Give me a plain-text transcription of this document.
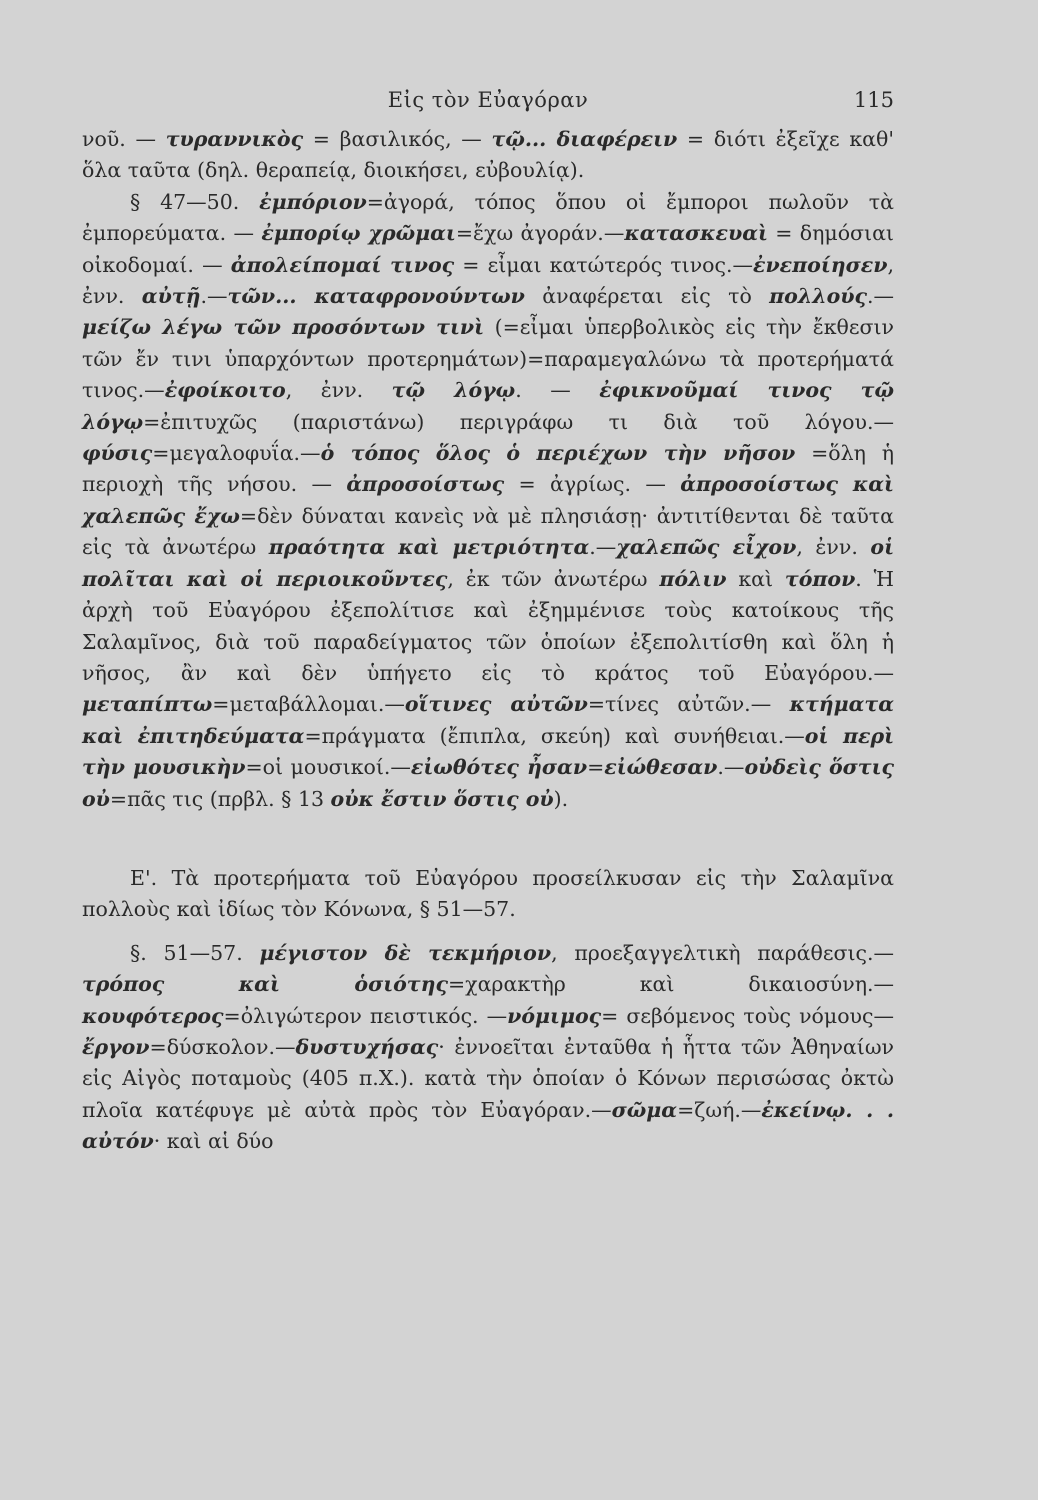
Εἰς τὸν Εὐαγόραν	115

νοῦ. — τυραννικὸς = βασιλικός, — τῷ... διαφέρειν = διότι ἐξεῖχε καθ' ὅλα ταῦτα (δηλ. θεραπείᾳ, διοικήσει, εὐβουλίᾳ).

§ 47—50. ἐμπόριον=ἀγορά, τόπος ὅπου οἱ ἔμποροι πωλοῦν τὰ ἐμπορεύματα. — ἐμπορίῳ χρῶμαι=ἔχω ἀγοράν.—κατασκευαὶ = δημόσιαι οἰκοδομαί. — ἀπολείπομαί τινος = εἶμαι κατώτερός τινος.—ἐνεποίησεν, ἐνν. αὐτῇ.—τῶν... καταφρονούντων ἀναφέρεται εἰς τὸ πολλούς.—μείζω λέγω τῶν προσόντων τινὶ (=εἶμαι ὑπερβολικὸς εἰς τὴν ἔκθεσιν τῶν ἔν τινι ὑπαρχόντων προτερημάτων)=παραμεγαλώνω τὰ προτερήματά τινος.—ἐφοίκοιτο, ἐνν. τῷ λόγῳ. — ἐφικνοῦμαί τινος τῷ λόγῳ=ἐπιτυχῶς (παριστάνω) περιγράφω τι διὰ τοῦ λόγου.— φύσις=μεγαλοφυΐα.—ὁ τόπος ὅλος ὁ περιέχων τὴν νῆσον =ὅλη ἡ περιοχὴ τῆς νήσου. — ἀπροσοίστως = ἀγρίως. — ἀπροσοίστως καὶ χαλεπῶς ἔχω=δὲν δύναται κανεὶς νὰ μὲ πλησιάσῃ· ἀντιτίθενται δὲ ταῦτα εἰς τὰ ἀνωτέρω πραότητα καὶ μετριότητα.—χαλεπῶς εἶχον, ἐνν. οἱ πολῖται καὶ οἱ περιοικοῦντες, ἐκ τῶν ἀνωτέρω πόλιν καὶ τόπον. Ἡ ἀρχὴ τοῦ Εὐαγόρου ἐξεπολίτισε καὶ ἐξημμένισε τοὺς κατοίκους τῆς Σαλαμῖνος, διὰ τοῦ παραδείγματος τῶν ὁποίων ἐξεπολιτίσθη καὶ ὅλη ἡ νῆσος, ἂν καὶ δὲν ὑπήγετο εἰς τὸ κράτος τοῦ Εὐαγόρου.— μεταπίπτω=μεταβάλλομαι.—οἵτινες αὐτῶν=τίνες αὐτῶν.— κτήματα καὶ ἐπιτηδεύματα=πράγματα (ἔπιπλα, σκεύη) καὶ συνήθειαι.—οἱ περὶ τὴν μουσικὴν=οἱ μουσικοί.—εἰωθότες ἦσαν=εἰώθεσαν.—οὐδεὶς ὅστις οὐ=πᾶς τις (πρβλ. § 13 οὐκ ἔστιν ὅστις οὐ).

Ε'. Τὰ προτερήματα τοῦ Εὐαγόρου προσείλκυσαν εἰς τὴν Σαλαμῖνα πολλοὺς καὶ ἰδίως τὸν Κόνωνα, § 51—57.

§. 51—57. μέγιστον δὲ τεκμήριον, προεξαγγελτικὴ παράθεσις.—τρόπος καὶ ὁσιότης=χαρακτὴρ καὶ δικαιοσύνη.—κουφότερος=ὀλιγώτερον πειστικός. —νόμιμος= σεβόμενος τοὺς νόμους—ἔργον=δύσκολον.—δυστυχήσας· ἐννοεῖται ἐνταῦθα ἡ ἧττα τῶν Ἀθηναίων εἰς Αἰγὸς ποταμοὺς (405 π.Χ.). κατὰ τὴν ὁποίαν ὁ Κόνων περισώσας ὀκτὼ πλοῖα κατέφυγε μὲ αὐτὰ πρὸς τὸν Εὐαγόραν.—σῶμα=ζωή.—ἐκείνῳ. . . αὐτόν· καὶ αἱ δύο
